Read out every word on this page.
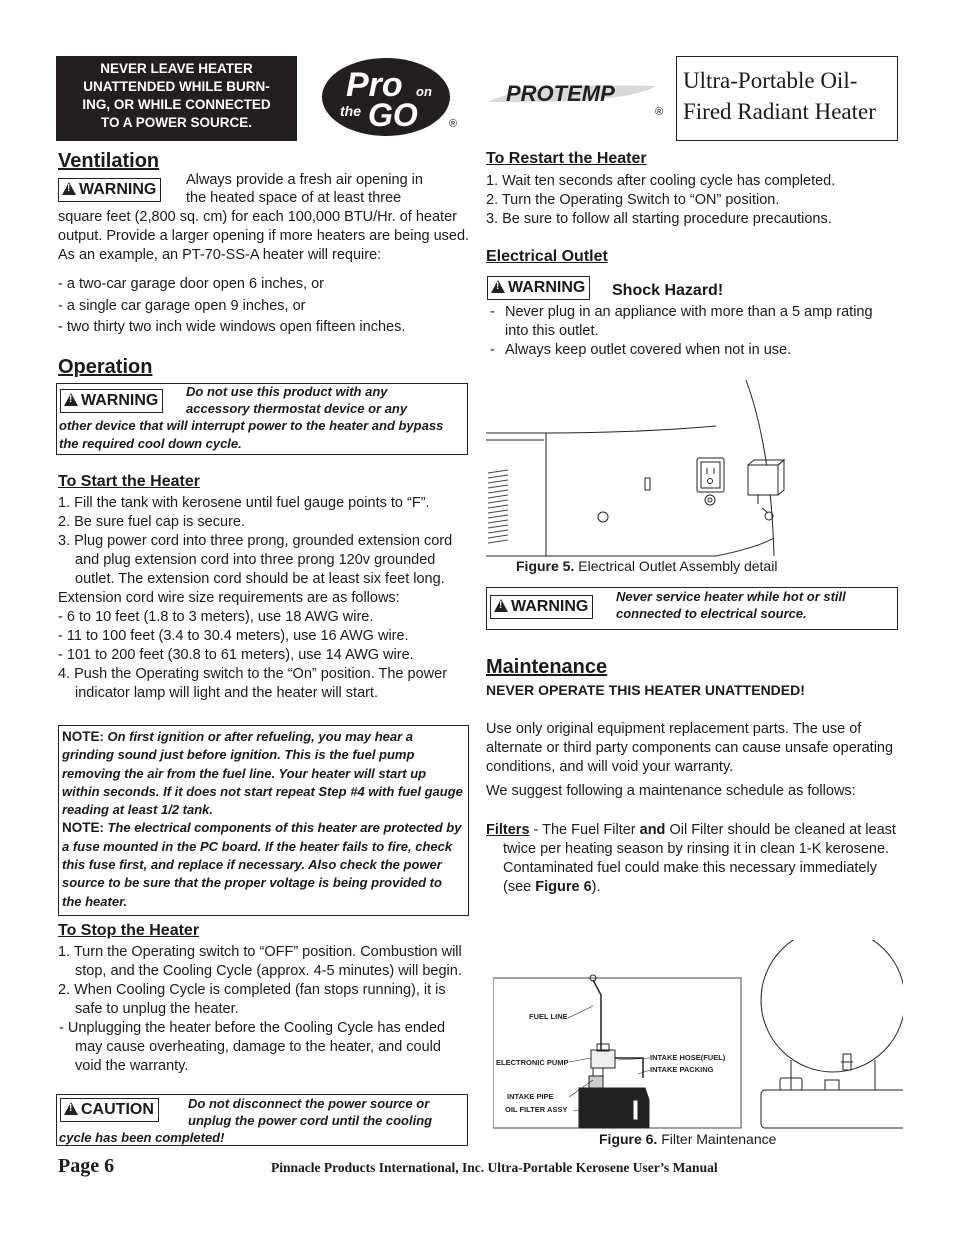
NEVER LEAVE HEATER
UNATTENDED WHILE BURN-
ING, OR WHILE CONNECTED
TO A POWER SOURCE.
Pro on
the GO	®
PROTEMP
®
Ultra-Portable Oil-
Fired Radiant Heater
Ventilation
!WARNING
Always provide a fresh air opening in
the heated space of at least three
square feet (2,800 sq. cm) for each 100,000 BTU/Hr. of heater output. Provide a larger opening if more heaters are being used. As an example, an PT-70-SS-A heater will require:
- a two-car garage door open 6 inches, or
- a single car garage open 9 inches, or
- two thirty two inch wide windows open fifteen inches.
Operation
!WARNING
Do not use this product with any
accessory thermostat device or any
other device that will interrupt power to the heater and bypass the required cool down cycle.
To Start the Heater
1. Fill the tank with kerosene until fuel gauge points to “F”.
2. Be sure fuel cap is secure.
3. Plug power cord into three prong, grounded extension cord and plug extension cord into three prong 120v grounded outlet. The extension cord should be at least six feet long.
Extension cord wire size requirements are as follows:
- 6 to 10 feet (1.8 to 3 meters), use 18 AWG wire.
- 11 to 100 feet (3.4 to 30.4 meters), use 16 AWG wire.
- 101 to 200 feet (30.8 to 61 meters), use 14 AWG wire.
4. Push the Operating switch to the “On” position. The power indicator lamp will light and the heater will start.
NOTE: On first ignition or after refueling, you may hear a grinding sound just before ignition. This is the fuel pump removing the air from the fuel line. Your heater will start up within seconds. If it does not start repeat Step #4 with fuel gauge reading at least 1/2 tank.
NOTE: The electrical components of this heater are protected by a fuse mounted in the PC board. If the heater fails to fire, check this fuse first, and replace if necessary. Also check the power source to be sure that the proper voltage is being provided to the heater.
To Stop the Heater
1. Turn the Operating switch to “OFF” position. Combustion will stop, and the Cooling Cycle (approx. 4-5 minutes) will begin.
2. When Cooling Cycle is completed (fan stops running), it is safe to unplug the heater.
- Unplugging the heater before the Cooling Cycle has ended may cause overheating, damage to the heater, and could void the warranty.
!CAUTION	Do not disconnect the power source or
unplug the power cord until the cooling
cycle has been completed!
To Restart the Heater
1. Wait ten seconds after cooling cycle has completed.
2. Turn the Operating Switch to “ON” position.
3. Be sure to follow all starting procedure precautions.
Electrical Outlet
!WARNING	Shock Hazard!
- Never plug in an appliance with more than a 5 amp rating into this outlet.
- Always keep outlet covered when not in use.
Figure 5. Electrical Outlet Assembly detail
!WARNING
Never service heater while hot or still
connected to electrical source.
Maintenance
NEVER OPERATE THIS HEATER UNATTENDED!
Use only original equipment replacement parts. The use of alternate or third party components can cause unsafe operating conditions, and will void your warranty.
We suggest following a maintenance schedule as follows:
Filters - The Fuel Filter and Oil Filter should be cleaned at least twice per heating season by rinsing it in clean 1-K kerosene. Contaminated fuel could make this necessary immediately (see Figure 6).
FUEL LINE
ELECTRONIC PUMP
INTAKE HOSE(FUEL)
INTAKE PACKING
INTAKE PIPE
OIL FILTER ASSY
Figure 6. Filter Maintenance
Page 6	Pinnacle Products International, Inc. Ultra-Portable Kerosene User’s Manual
